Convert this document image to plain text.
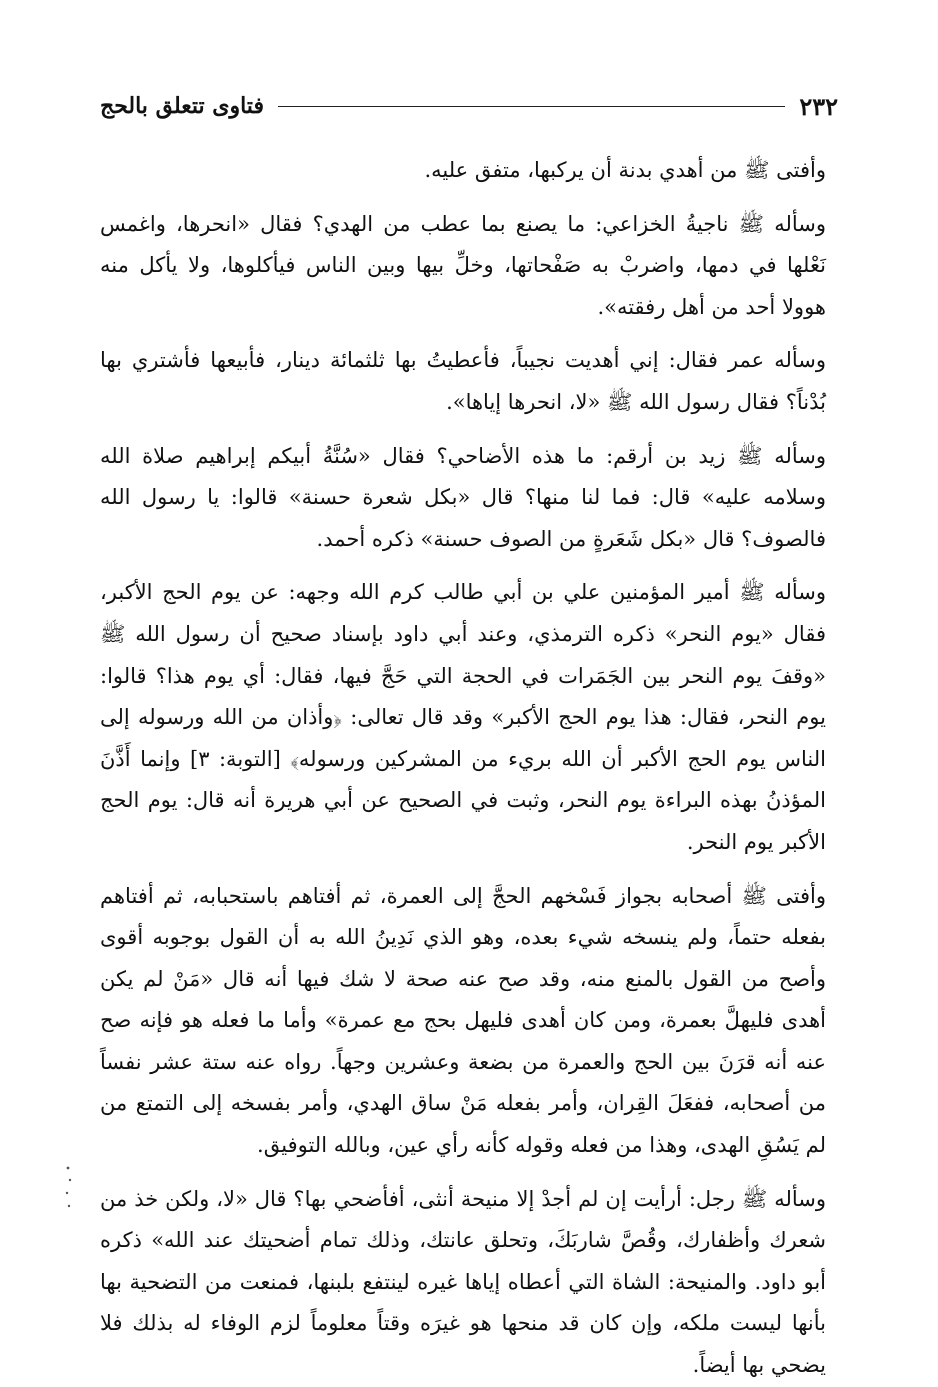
٢٣٢
فتاوى تتعلق بالحج

وأفتى ﷺ من أهدي بدنة أن يركبها، متفق عليه.

وسأله ﷺ ناجيةُ الخزاعي: ما يصنع بما عطب من الهدي؟ فقال «انحرها، واغمس نَعْلها في دمها، واضربْ به صَفْحاتها، وخلِّ بيها وبين الناس فيأكلوها، ولا يأكل منه هوولا أحد من أهل رفقته».

وسأله عمر فقال: إني أهديت نجيباً، فأعطيتُ بها ثلثمائة دينار، فأبيعها فأشتري بها بُدْناً؟ فقال رسول الله ﷺ «لا، انحرها إياها».

وسأله ﷺ زيد بن أرقم: ما هذه الأضاحي؟ فقال «سُنَّةُ أبيكم إبراهيم صلاة الله وسلامه عليه» قال: فما لنا منها؟ قال «بكل شعرة حسنة» قالوا: يا رسول الله فالصوف؟ قال «بكل شَعَرةٍ من الصوف حسنة» ذكره أحمد.

وسأله ﷺ أمير المؤمنين علي بن أبي طالب كرم الله وجهه: عن يوم الحج الأكبر، فقال «يوم النحر» ذكره الترمذي، وعند أبي داود بإسناد صحيح أن رسول الله ﷺ «وقفَ يوم النحر بين الجَمَرات في الحجة التي حَجَّ فيها، فقال: أي يوم هذا؟ قالوا: يوم النحر، فقال: هذا يوم الحج الأكبر» وقد قال تعالى: ﴿وأذان من الله ورسوله إلى الناس يوم الحج الأكبر أن الله بريء من المشركين ورسوله﴾ [التوبة: ٣] وإنما أَذَّنَ المؤذنُ بهذه البراءة يوم النحر، وثبت في الصحيح عن أبي هريرة أنه قال: يوم الحج الأكبر يوم النحر.

وأفتى ﷺ أصحابه بجواز فَسْخهم الحجَّ إلى العمرة، ثم أفتاهم باستحبابه، ثم أفتاهم بفعله حتماً، ولم ينسخه شيء بعده، وهو الذي نَدِينُ الله به أن القول بوجوبه أقوى وأصح من القول بالمنع منه، وقد صح عنه صحة لا شك فيها أنه قال «مَنْ لم يكن أهدى فليهلَّ بعمرة، ومن كان أهدى فليهل بحج مع عمرة» وأما ما فعله هو فإنه صح عنه أنه قرَنَ بين الحج والعمرة من بضعة وعشرين وجهاً. رواه عنه ستة عشر نفساً من أصحابه، ففعَلَ القِران، وأمر بفعله مَنْ ساق الهدي، وأمر بفسخه إلى التمتع من لم يَسُقِ الهدى، وهذا من فعله وقوله كأنه رأي عين، وبالله التوفيق.

وسأله ﷺ رجل: أرأيت إن لم أجدْ إلا منيحة أنثى، أفأضحي بها؟ قال «لا، ولكن خذ من شعرك وأظفارك، وقُصَّ شاربَكَ، وتحلق عانتك، وذلك تمام أضحيتك عند الله» ذكره أبو داود. والمنيحة: الشاة التي أعطاه إياها غيره لينتفع بلبنها، فمنعت من التضحية بها بأنها ليست ملكه، وإن كان قد منحها هو غيرَه وقتاً معلوماً لزم الوفاء له بذلك فلا يضحي بها أيضاً.
